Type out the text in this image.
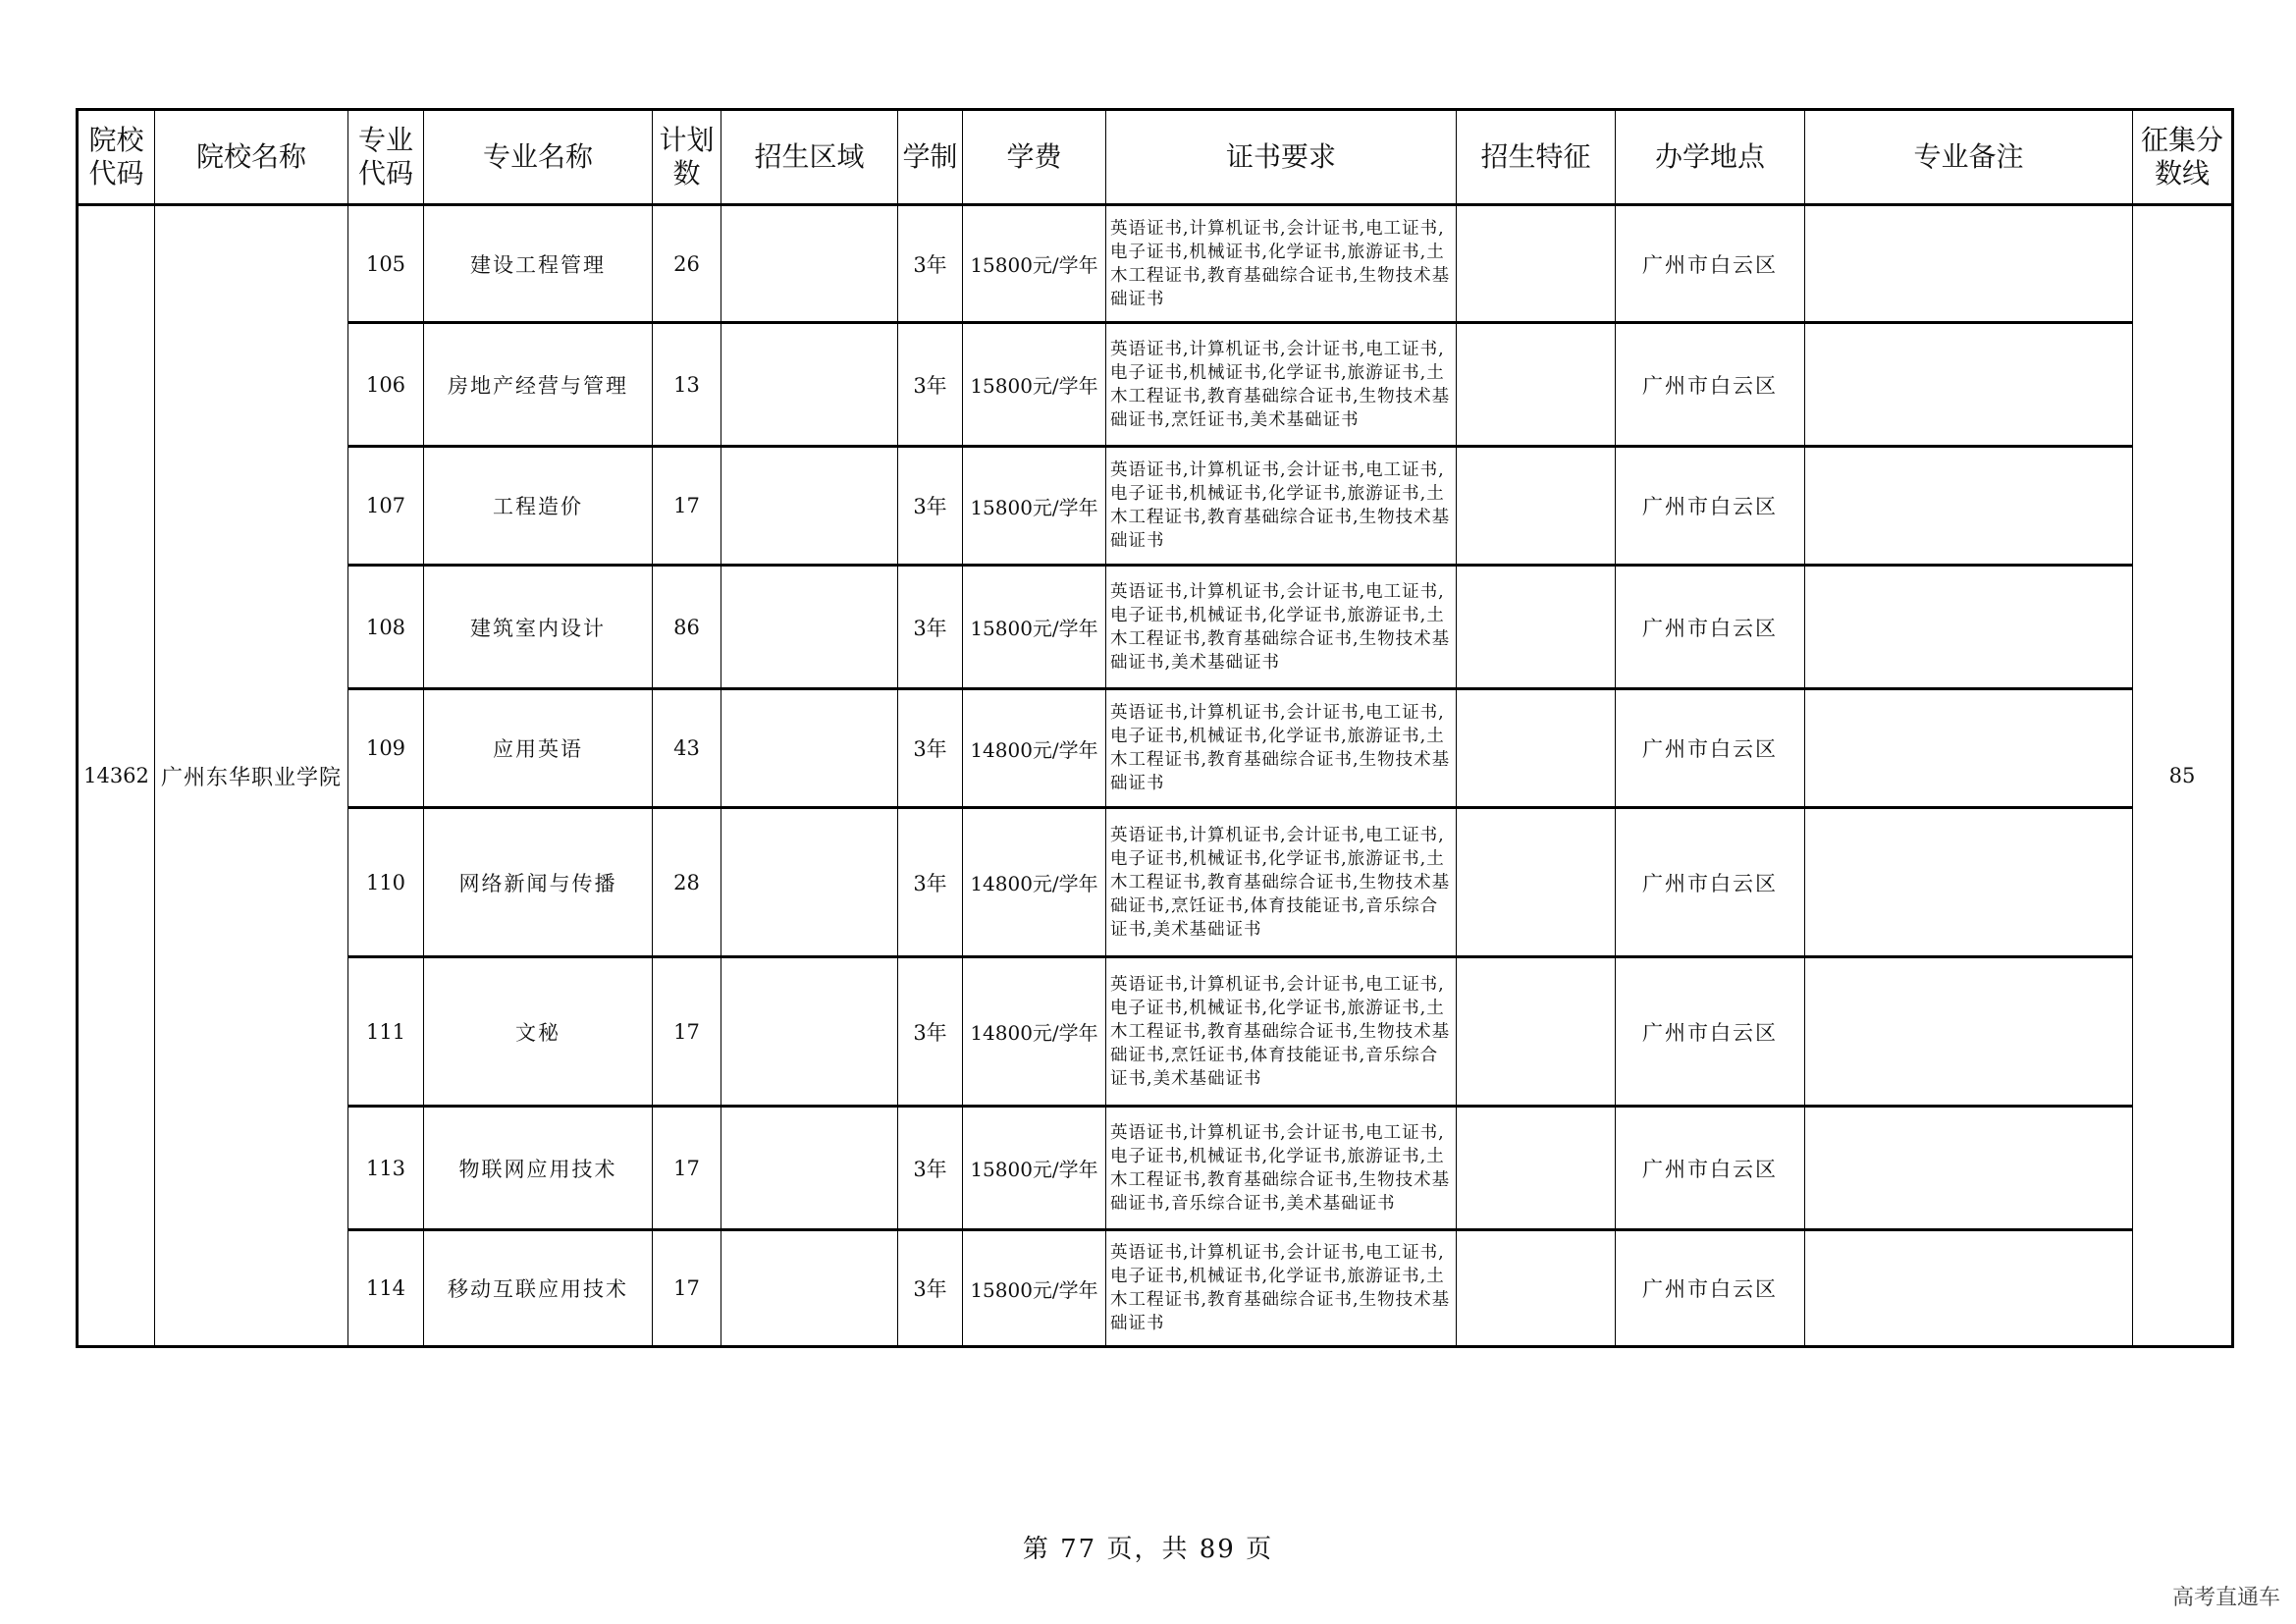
院校代码	院校名称	专业代码	专业名称	计划数	招生区域	学制	学费	证书要求	招生特征	办学地点	专业备注	征集分数线
14362	广州东华职业学院	105	建设工程管理	26		3年	15800元/学年	英语证书,计算机证书,会计证书,电工证书,电子证书,机械证书,化学证书,旅游证书,土木工程证书,教育基础综合证书,生物技术基础证书		广州市白云区		85
		106	房地产经营与管理	13		3年	15800元/学年	英语证书,计算机证书,会计证书,电工证书,电子证书,机械证书,化学证书,旅游证书,土木工程证书,教育基础综合证书,生物技术基础证书,烹饪证书,美术基础证书		广州市白云区		
		107	工程造价	17		3年	15800元/学年	英语证书,计算机证书,会计证书,电工证书,电子证书,机械证书,化学证书,旅游证书,土木工程证书,教育基础综合证书,生物技术基础证书		广州市白云区		
		108	建筑室内设计	86		3年	15800元/学年	英语证书,计算机证书,会计证书,电工证书,电子证书,机械证书,化学证书,旅游证书,土木工程证书,教育基础综合证书,生物技术基础证书,美术基础证书		广州市白云区		
		109	应用英语	43		3年	14800元/学年	英语证书,计算机证书,会计证书,电工证书,电子证书,机械证书,化学证书,旅游证书,土木工程证书,教育基础综合证书,生物技术基础证书		广州市白云区		
		110	网络新闻与传播	28		3年	14800元/学年	英语证书,计算机证书,会计证书,电工证书,电子证书,机械证书,化学证书,旅游证书,土木工程证书,教育基础综合证书,生物技术基础证书,烹饪证书,体育技能证书,音乐综合证书,美术基础证书		广州市白云区		
		111	文秘	17		3年	14800元/学年	英语证书,计算机证书,会计证书,电工证书,电子证书,机械证书,化学证书,旅游证书,土木工程证书,教育基础综合证书,生物技术基础证书,烹饪证书,体育技能证书,音乐综合证书,美术基础证书		广州市白云区		
		113	物联网应用技术	17		3年	15800元/学年	英语证书,计算机证书,会计证书,电工证书,电子证书,机械证书,化学证书,旅游证书,土木工程证书,教育基础综合证书,生物技术基础证书,音乐综合证书,美术基础证书		广州市白云区		
		114	移动互联应用技术	17		3年	15800元/学年	英语证书,计算机证书,会计证书,电工证书,电子证书,机械证书,化学证书,旅游证书,土木工程证书,教育基础综合证书,生物技术基础证书		广州市白云区		
第 77 页，共 89 页
高考直通车
